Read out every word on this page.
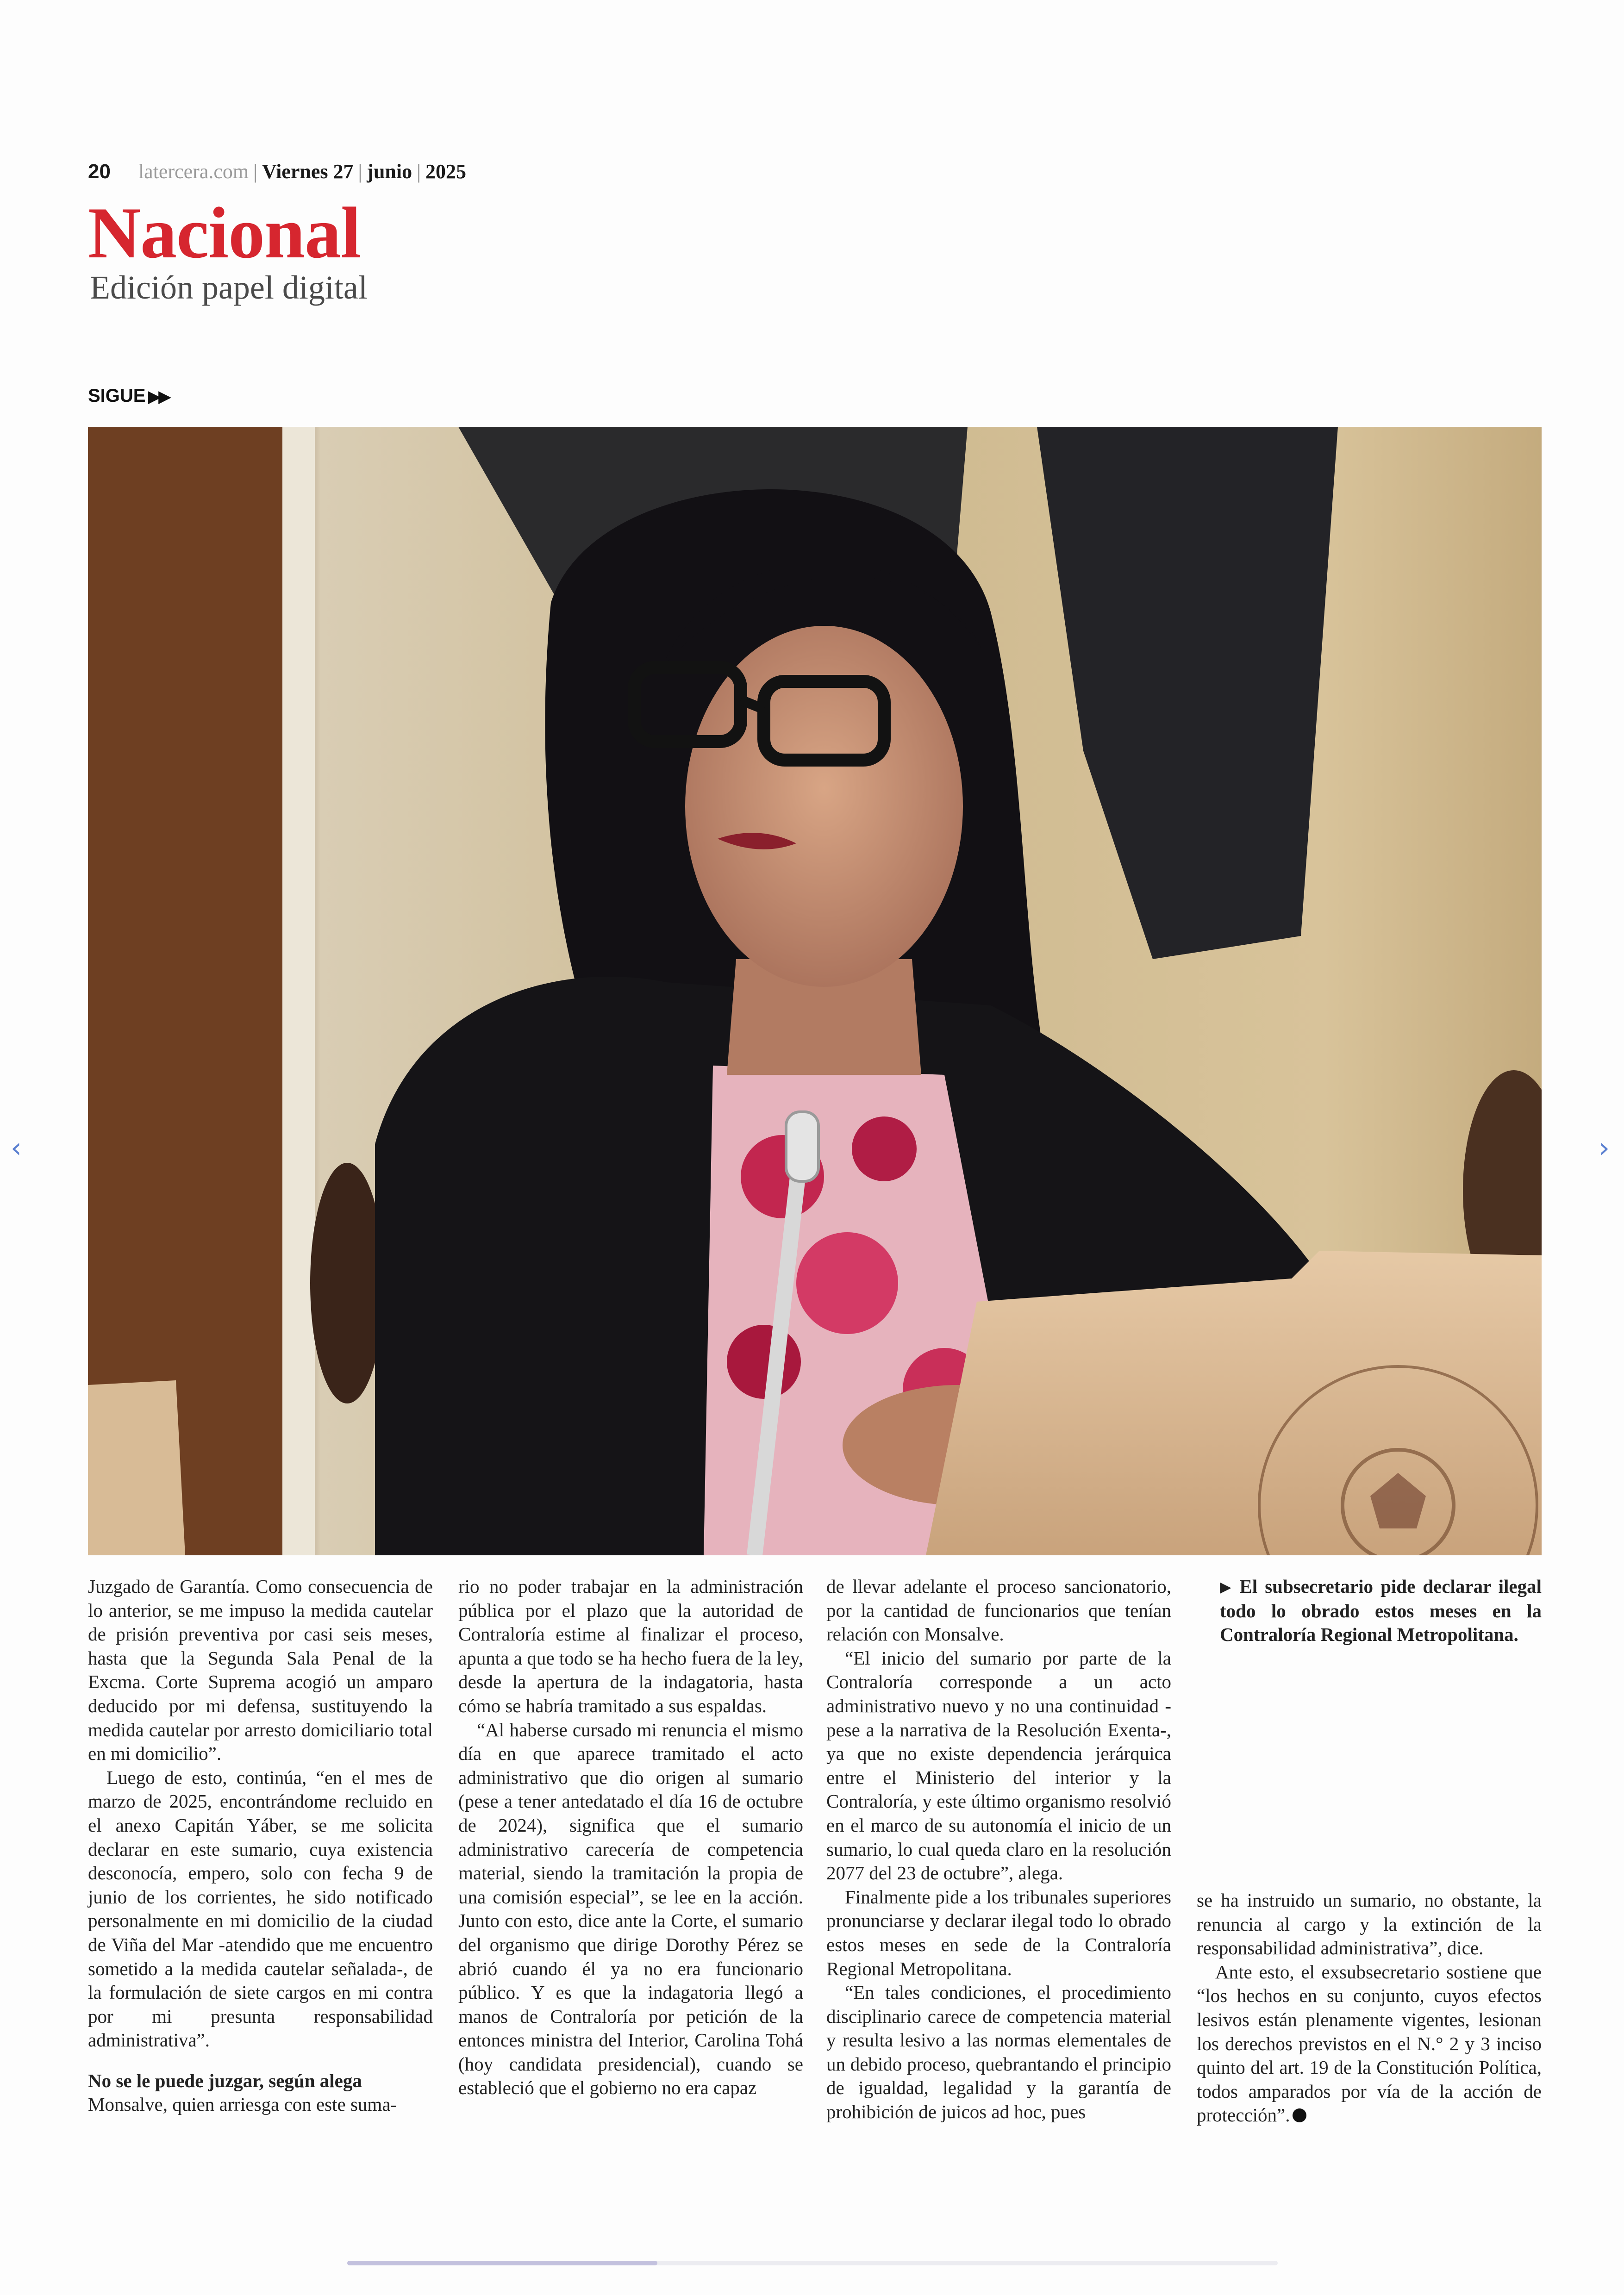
20 latercera.com | Viernes 27 | junio | 2025
Nacional
Edición papel digital
SIGUE ▶▶
‹	›

Juzgado de Garantía. Como consecuencia de lo anterior, se me impuso la medida cautelar de prisión preventiva por casi seis meses, hasta que la Segunda Sala Penal de la Excma. Corte Suprema acogió un amparo deducido por mi defensa, sustituyendo la medida cautelar por arresto domiciliario total en mi domicilio”.

Luego de esto, continúa, “en el mes de marzo de 2025, encontrándome recluido en el anexo Capitán Yáber, se me solicita declarar en este sumario, cuya existencia desconocía, empero, solo con fecha 9 de junio de los corrientes, he sido notificado personalmente en mi domicilio de la ciudad de Viña del Mar -atendido que me encuentro sometido a la medida cautelar señalada-, de la formulación de siete cargos en mi contra por mi presunta responsabilidad administrativa”.

No se le puede juzgar, según alega

Monsalve, quien arriesga con este suma-

rio no poder trabajar en la administración pública por el plazo que la autoridad de Contraloría estime al finalizar el proceso, apunta a que todo se ha hecho fuera de la ley, desde la apertura de la indagatoria, hasta cómo se habría tramitado a sus espaldas.

“Al haberse cursado mi renuncia el mismo día en que aparece tramitado el acto administrativo que dio origen al sumario (pese a tener antedatado el día 16 de octubre de 2024), significa que el sumario administrativo carecería de competencia material, siendo la tramitación la propia de una comisión especial”, se lee en la acción. Junto con esto, dice ante la Corte, el sumario del organismo que dirige Dorothy Pérez se abrió cuando él ya no era funcionario público. Y es que la indagatoria llegó a manos de Contraloría por petición de la entonces ministra del Interior, Carolina Tohá (hoy candidata presidencial), cuando se estableció que el gobierno no era capaz

de llevar adelante el proceso sancionatorio, por la cantidad de funcionarios que tenían relación con Monsalve.

“El inicio del sumario por parte de la Contraloría corresponde a un acto administrativo nuevo y no una continuidad -pese a la narrativa de la Resolución Exenta-, ya que no existe dependencia jerárquica entre el Ministerio del interior y la Contraloría, y este último organismo resolvió en el marco de su autonomía el inicio de un sumario, lo cual queda claro en la resolución 2077 del 23 de octubre”, alega.

Finalmente pide a los tribunales superiores pronunciarse y declarar ilegal todo lo obrado estos meses en sede de la Contraloría Regional Metropolitana.

“En tales condiciones, el procedimiento disciplinario carece de competencia material y resulta lesivo a las normas elementales de un debido proceso, quebrantando el principio de igualdad, legalidad y la garantía de prohibición de juicos ad hoc, pues

▶ El subsecretario pide declarar ilegal todo lo obrado estos meses en la Contraloría Regional Metropolitana.

se ha instruido un sumario, no obstante, la renuncia al cargo y la extinción de la responsabilidad administrativa”, dice.

Ante esto, el exsubsecretario sostiene que “los hechos en su conjunto, cuyos efectos lesivos están plenamente vigentes, lesionan los derechos previstos en el N.° 2 y 3 inciso quinto del art. 19 de la Constitución Política, todos amparados por vía de la acción de protección”.
